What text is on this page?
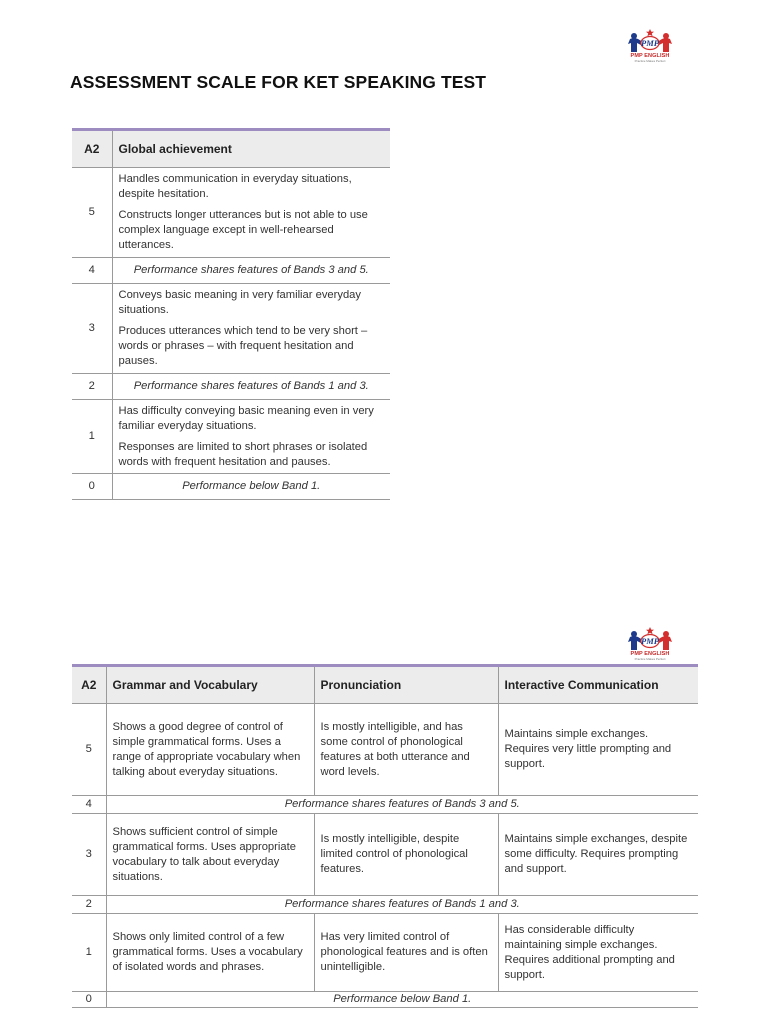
PMP
PMP ENGLISH
Practice Makes Perfect
ASSESSMENT SCALE FOR KET SPEAKING TEST
A2	Global achievement
5	Handles communication in everyday situations, despite hesitation.

Constructs longer utterances but is not able to use complex language except in well-rehearsed utterances.

4	Performance shares features of Bands 3 and 5.
3	Conveys basic meaning in very familiar everyday situations.

Produces utterances which tend to be very short – words or phrases – with frequent hesitation and pauses.

2	Performance shares features of Bands 1 and 3.
1	Has difficulty conveying basic meaning even in very familiar everyday situations.

Responses are limited to short phrases or isolated words with frequent hesitation and pauses.

0	Performance below Band 1.
PMP
PMP ENGLISH
Practice Makes Perfect
A2	Grammar and Vocabulary	Pronunciation	Interactive Communication
5	Shows a good degree of control of simple grammatical forms. Uses a range of appropriate vocabulary when talking about everyday situations.	Is mostly intelligible, and has some control of phonological features at both utterance and word levels.	Maintains simple exchanges. Requires very little prompting and support.
4	Performance shares features of Bands 3 and 5.		
3	Shows sufficient control of simple grammatical forms. Uses appropriate vocabulary to talk about everyday situations.	Is mostly intelligible, despite limited control of phonological features.	Maintains simple exchanges, despite some difficulty. Requires prompting and support.
2	Performance shares features of Bands 1 and 3.		
1	Shows only limited control of a few grammatical forms. Uses a vocabulary of isolated words and phrases.	Has very limited control of phonological features and is often unintelligible.	Has considerable difficulty maintaining simple exchanges. Requires additional prompting and support.
0	Performance below Band 1.		
